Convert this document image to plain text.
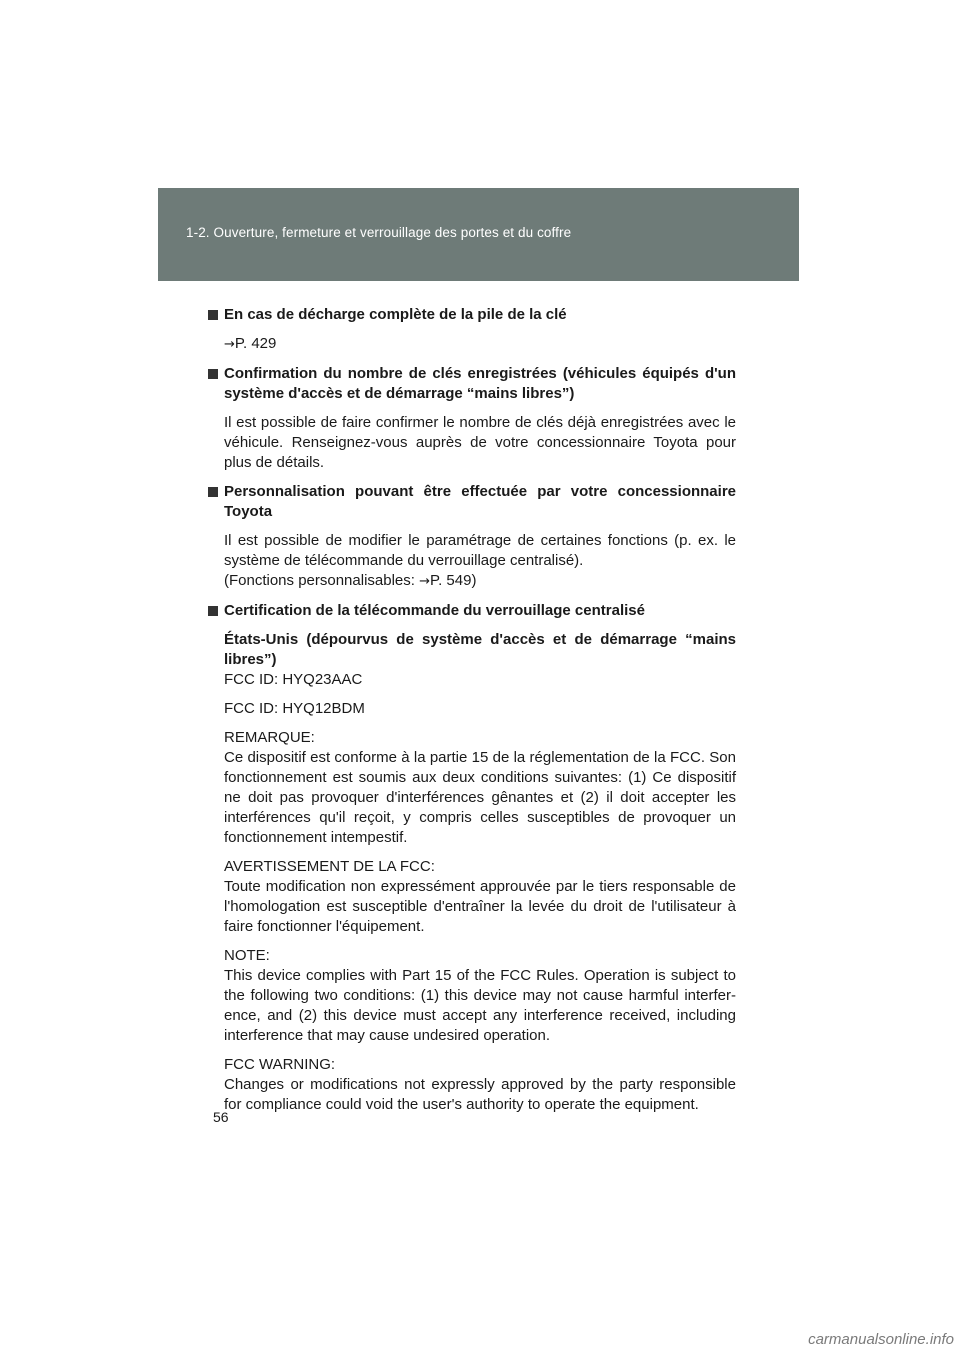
1-2. Ouverture, fermeture et verrouillage des portes et du coffre
En cas de décharge complète de la pile de la clé
→P. 429
Confirmation du nombre de clés enregistrées (véhicules équipés d'un système d'accès et de démarrage “mains libres”)
Il est possible de faire confirmer le nombre de clés déjà enregistrées avec le véhicule. Renseignez-vous auprès de votre concessionnaire Toyota pour plus de détails.
Personnalisation pouvant être effectuée par votre concessionnaire Toyota
Il est possible de modifier le paramétrage de certaines fonctions (p. ex. le système de télécommande du verrouillage centralisé).
(Fonctions personnalisables: →P. 549)
Certification de la télécommande du verrouillage centralisé
États-Unis (dépourvus de système d'accès et de démarrage “mains libres”)
FCC ID: HYQ23AAC
FCC ID: HYQ12BDM
REMARQUE:
Ce dispositif est conforme à la partie 15 de la réglementation de la FCC. Son fonctionnement est soumis aux deux conditions suivantes: (1) Ce dispositif ne doit pas provoquer d'interférences gênantes et (2) il doit accepter les interférences qu'il reçoit, y compris celles susceptibles de provoquer un fonctionnement intempestif.
AVERTISSEMENT DE LA FCC:
Toute modification non expressément approuvée par le tiers responsable de l'homologation est susceptible d'entraîner la levée du droit de l'utilisateur à faire fonctionner l'équipement.
NOTE:
This device complies with Part 15 of the FCC Rules. Operation is subject to the following two conditions: (1) this device may not cause harmful interfer-ence, and (2) this device must accept any interference received, including interference that may cause undesired operation.
FCC WARNING:
Changes or modifications not expressly approved by the party responsible for compliance could void the user's authority to operate the equipment.
56
carmanualsonline.info
